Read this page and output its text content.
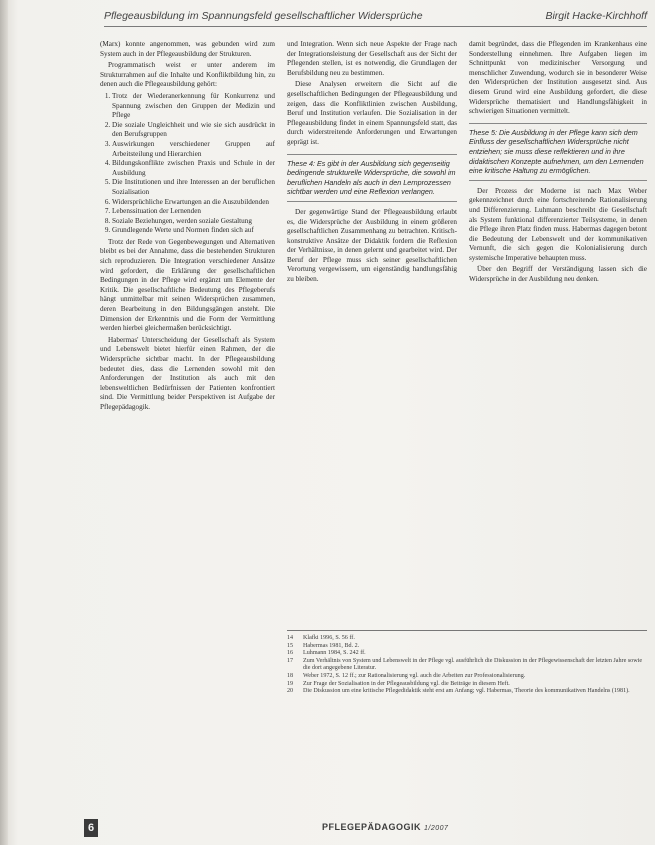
Pflegeausbildung im Spannungsfeld gesellschaftlicher Widersprüche	Birgit Hacke-Kirchhoff

(Marx) konnte angenommen, was gebunden wird zum System auch in der Pflegeausbildung der Strukturen.

Programmatisch weist er unter anderem im Strukturrahmen auf die Inhalte und Konfliktbildung hin, zu denen auch die Pflegeausbildung gehört:

1. Trotz der Wiederanerkennung für Konkurrenz und Spannung zwischen den Gruppen der Medizin und Pflege
2. Die soziale Ungleichheit und wie sie sich ausdrückt in den Berufsgruppen
3. Auswirkungen verschiedener Gruppen auf Arbeitsteilung und Hierarchien
4. Bildungskonflikte zwischen Praxis und Schule in der Ausbildung
5. Die Institutionen und ihre Interessen an der beruflichen Sozialisation
6. Widersprüchliche Erwartungen an die Auszubildenden
7. Lebenssituation der Lernenden
8. Soziale Beziehungen, werden soziale Gestaltung
9. Grundlegende Werte und Normen finden sich auf

Trotz der Rede von Gegenbewegungen und Alternativen bleibt es bei der Annahme, dass die bestehenden Strukturen sich reproduzieren. Die Integration verschiedener Ansätze wird gefordert, die Erklärung der gesellschaftlichen Bedingungen in der Pflege wird ergänzt um Elemente der Kritik. Die gesellschaftliche Bedeutung des Pflegeberufs hängt unmittelbar mit seinen Widersprüchen zusammen, deren Bearbeitung in den Bildungsgängen ansteht. Die Dimension der Erkenntnis und die Form der Vermittlung werden hierbei gleichermaßen berücksichtigt.

Habermas' Unterscheidung der Gesellschaft als System und Lebenswelt bietet hierfür einen Rahmen, der die Widersprüche sichtbar macht. In der Pflegeausbildung bedeutet dies, dass die Lernenden sowohl mit den Anforderungen der Institution als auch mit den lebensweltlichen Bedürfnissen der Patienten konfrontiert sind. Die Vermittlung beider Perspektiven ist Aufgabe der Pflegepädagogik.

und Integration. Wenn sich neue Aspekte der Frage nach der Integrationsleistung der Gesellschaft aus der Sicht der Pflegenden stellen, ist es notwendig, die Grundlagen der Berufsbildung neu zu bestimmen.

Diese Analysen erweitern die Sicht auf die gesellschaftlichen Bedingungen der Pflegeausbildung und zeigen, dass die Konfliktlinien zwischen Ausbildung, Beruf und Institution verlaufen. Die Sozialisation in der Pflegeausbildung findet in einem Spannungsfeld statt, das durch widerstreitende Anforderungen und Erwartungen geprägt ist.

These 4: Es gibt in der Ausbildung sich gegenseitig bedingende strukturelle Widersprüche, die sowohl im beruflichen Handeln als auch in den Lernprozessen sichtbar werden und eine Reflexion verlangen.

Der gegenwärtige Stand der Pflegeausbildung erlaubt es, die Widersprüche der Ausbildung in einem größeren gesellschaftlichen Zusammenhang zu betrachten. Kritisch-konstruktive Ansätze der Didaktik fordern die Reflexion der Verhältnisse, in denen gelernt und gearbeitet wird. Der Beruf der Pflege muss sich seiner gesellschaftlichen Verortung vergewissern, um eigenständig handlungsfähig zu bleiben.

damit begründet, dass die Pflegenden im Krankenhaus eine Sonderstellung einnehmen. Ihre Aufgaben liegen im Schnittpunkt von medizinischer Versorgung und menschlicher Zuwendung, wodurch sie in besonderer Weise den Widersprüchen der Institution ausgesetzt sind. Aus diesem Grund wird eine Ausbildung gefordert, die diese Widersprüche thematisiert und Handlungsfähigkeit in schwierigen Situationen vermittelt.

These 5: Die Ausbildung in der Pflege kann sich dem Einfluss der gesellschaftlichen Widersprüche nicht entziehen; sie muss diese reflektieren und in ihre didaktischen Konzepte aufnehmen, um den Lernenden eine kritische Haltung zu ermöglichen.

Der Prozess der Moderne ist nach Max Weber gekennzeichnet durch eine fortschreitende Rationalisierung und Differenzierung. Luhmann beschreibt die Gesellschaft als System funktional differenzierter Teilsysteme, in denen die Pflege ihren Platz finden muss. Habermas dagegen betont die Bedeutung der Lebenswelt und der kommunikativen Vernunft, die sich gegen die Kolonialisierung durch systemische Imperative behaupten muss.

Über den Begriff der Verständigung lassen sich die Widersprüche in der Ausbildung neu denken.

14	Klafki 1996, S. 56 ff.
15	Habermas 1981, Bd. 2.
16	Luhmann 1984, S. 242 ff.
17	Zum Verhältnis von System und Lebenswelt in der Pflege vgl. ausführlich die Diskussion in der Pflegewissenschaft der letzten Jahre sowie die dort angegebene Literatur.
18	Weber 1972, S. 12 ff.; zur Rationalisierung vgl. auch die Arbeiten zur Professionalisierung.
19	Zur Frage der Sozialisation in der Pflegeausbildung vgl. die Beiträge in diesem Heft.
20	Die Diskussion um eine kritische Pflegedidaktik steht erst am Anfang; vgl. Habermas, Theorie des kommunikativen Handelns (1981).
6	PFLEGEPÄDAGOGIK 1/2007
